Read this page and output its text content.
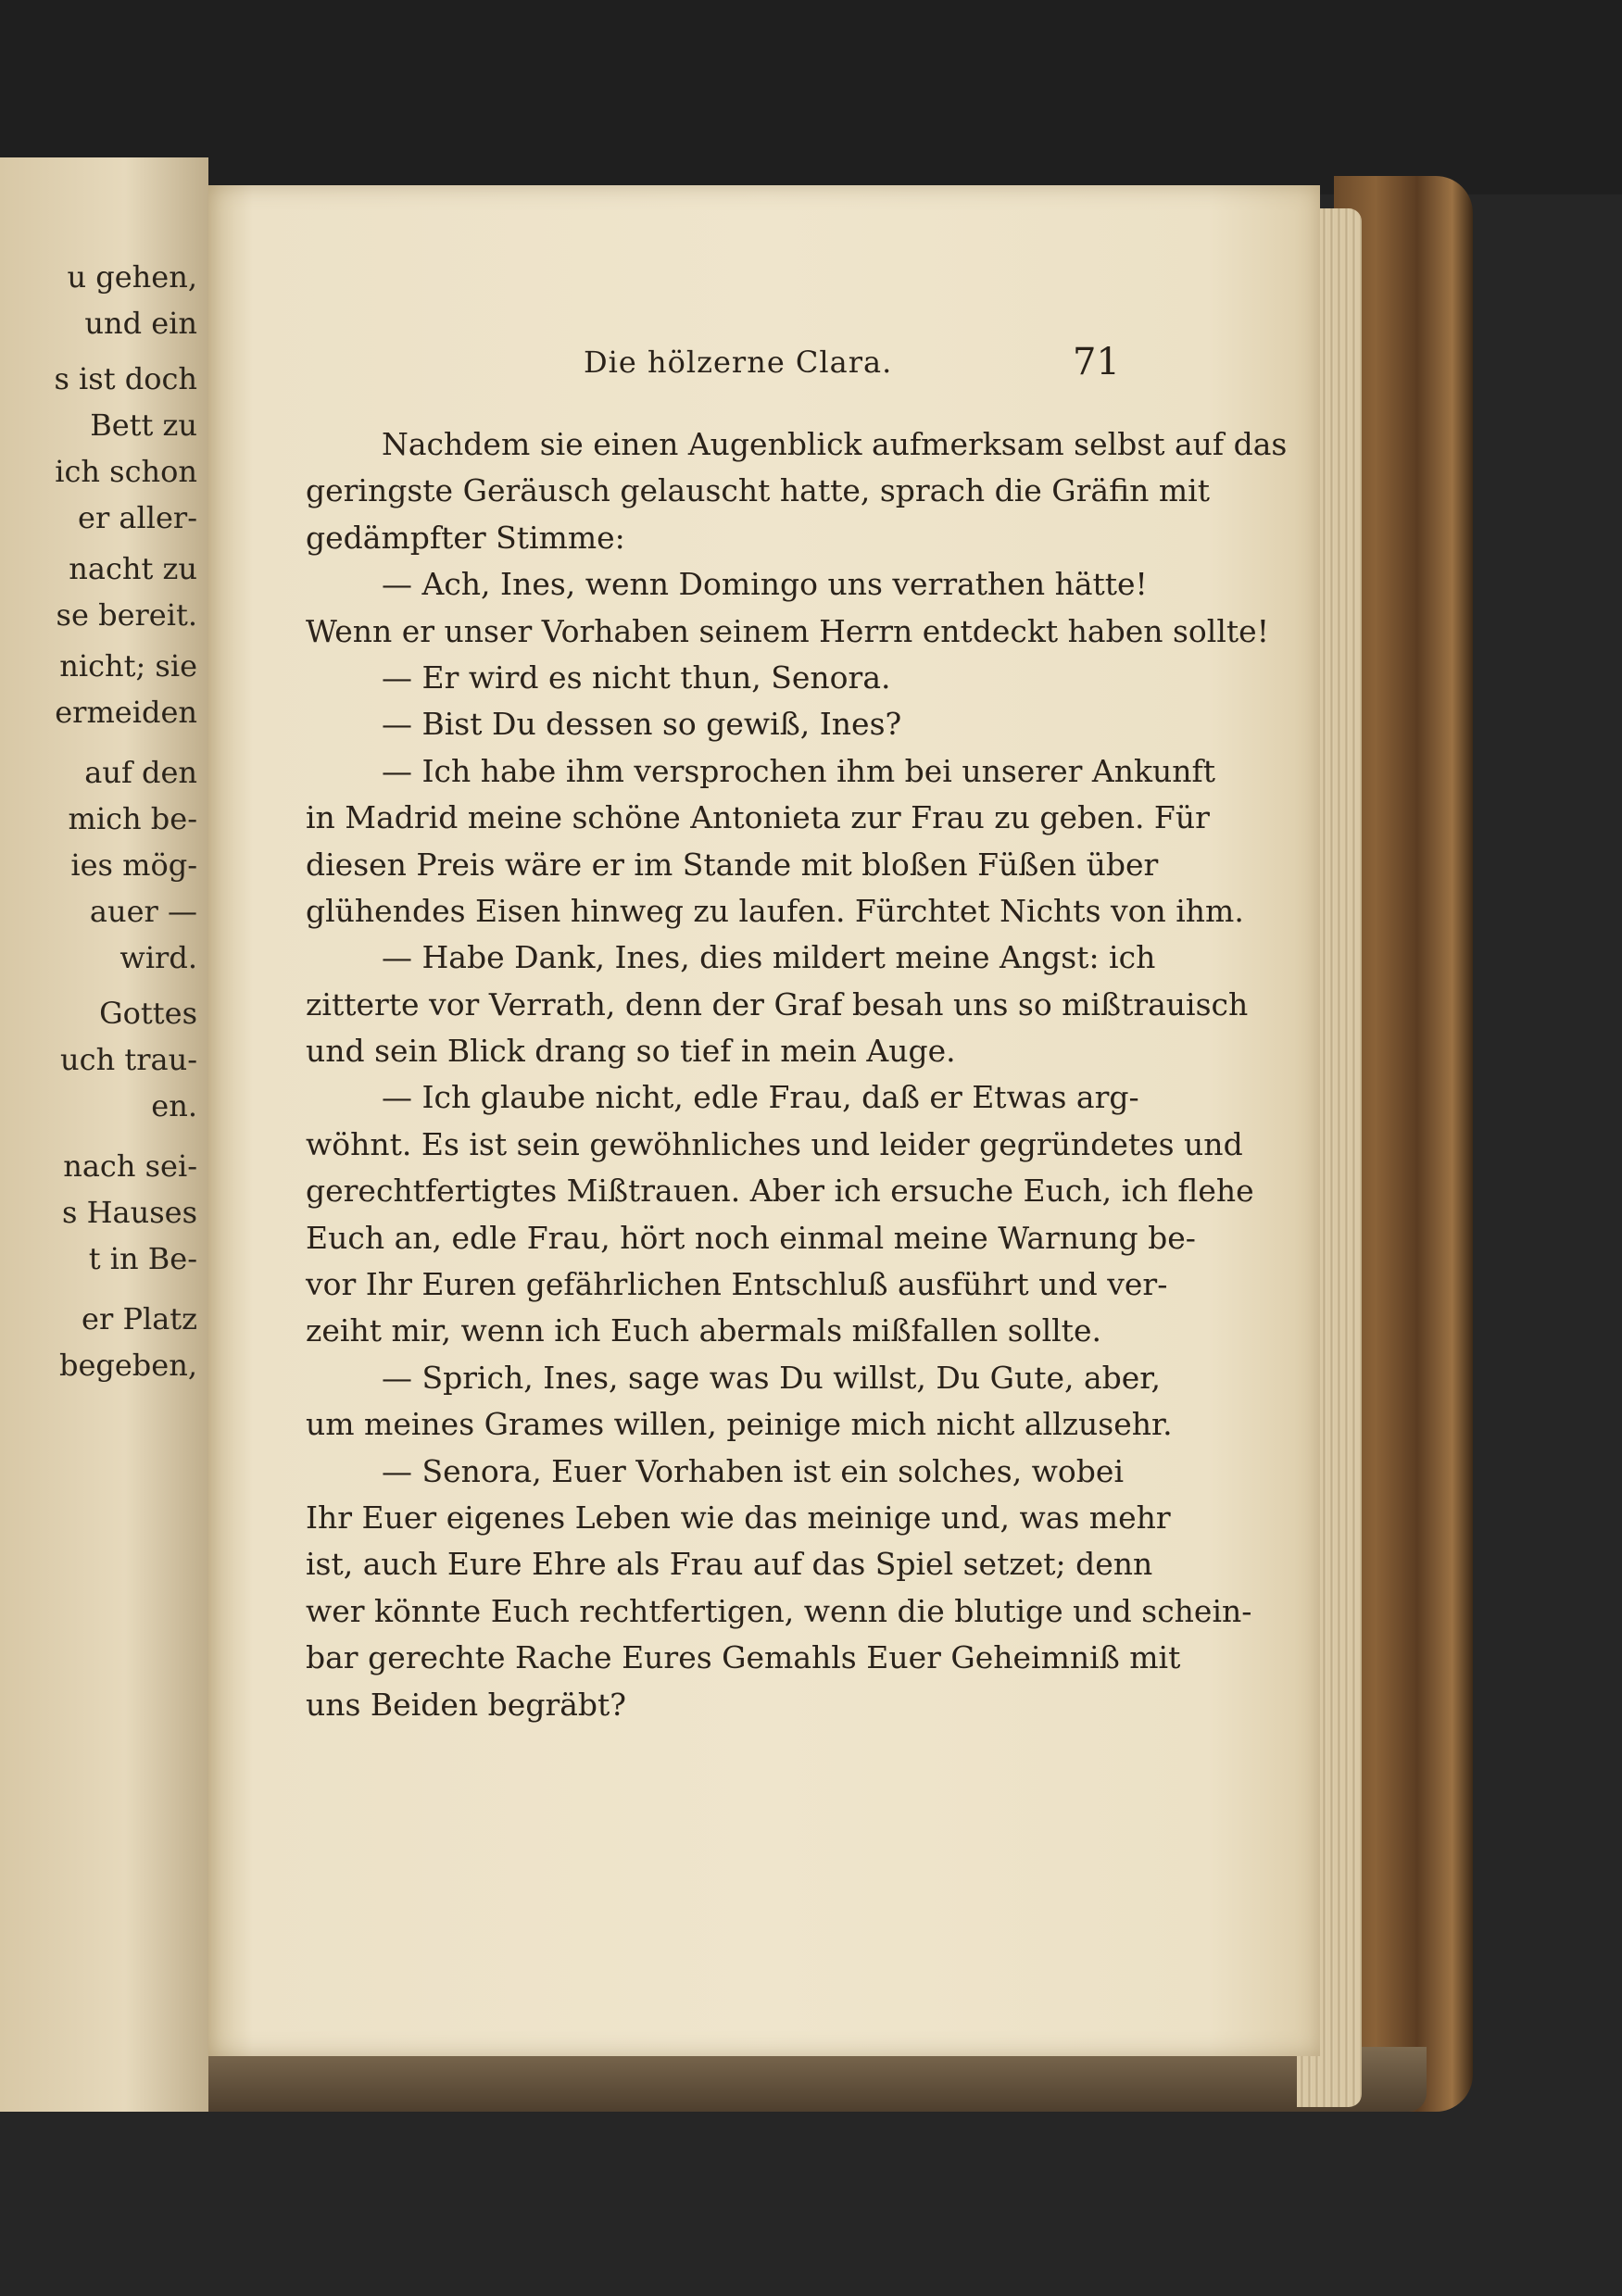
u gehen,
und ein
s ist doch
Bett zu
ich schon
er aller-
nacht zu
se bereit.
nicht; sie
ermeiden
auf den
mich be-
ies mög-
auer —
wird.
Gottes
uch trau-
en.
nach sei-
s Hauses
t in Be-
er Platz
begeben,
Die hölzerne Clara.	71
Nachdem sie einen Augenblick aufmerksam selbst auf das
geringste Geräusch gelauscht hatte, sprach die Gräfin mit
gedämpfter Stimme:
— Ach, Ines, wenn Domingo uns verrathen hätte!
Wenn er unser Vorhaben seinem Herrn entdeckt haben sollte!
— Er wird es nicht thun, Senora.
— Bist Du dessen so gewiß, Ines?
— Ich habe ihm versprochen ihm bei unserer Ankunft
in Madrid meine schöne Antonieta zur Frau zu geben. Für
diesen Preis wäre er im Stande mit bloßen Füßen über
glühendes Eisen hinweg zu laufen. Fürchtet Nichts von ihm.
— Habe Dank, Ines, dies mildert meine Angst: ich
zitterte vor Verrath, denn der Graf besah uns so mißtrauisch
und sein Blick drang so tief in mein Auge.
— Ich glaube nicht, edle Frau, daß er Etwas arg-
wöhnt. Es ist sein gewöhnliches und leider gegründetes und
gerechtfertigtes Mißtrauen. Aber ich ersuche Euch, ich flehe
Euch an, edle Frau, hört noch einmal meine Warnung be-
vor Ihr Euren gefährlichen Entschluß ausführt und ver-
zeiht mir, wenn ich Euch abermals mißfallen sollte.
— Sprich, Ines, sage was Du willst, Du Gute, aber,
um meines Grames willen, peinige mich nicht allzusehr.
— Senora, Euer Vorhaben ist ein solches, wobei
Ihr Euer eigenes Leben wie das meinige und, was mehr
ist, auch Eure Ehre als Frau auf das Spiel setzet; denn
wer könnte Euch rechtfertigen, wenn die blutige und schein-
bar gerechte Rache Eures Gemahls Euer Geheimniß mit
uns Beiden begräbt?
